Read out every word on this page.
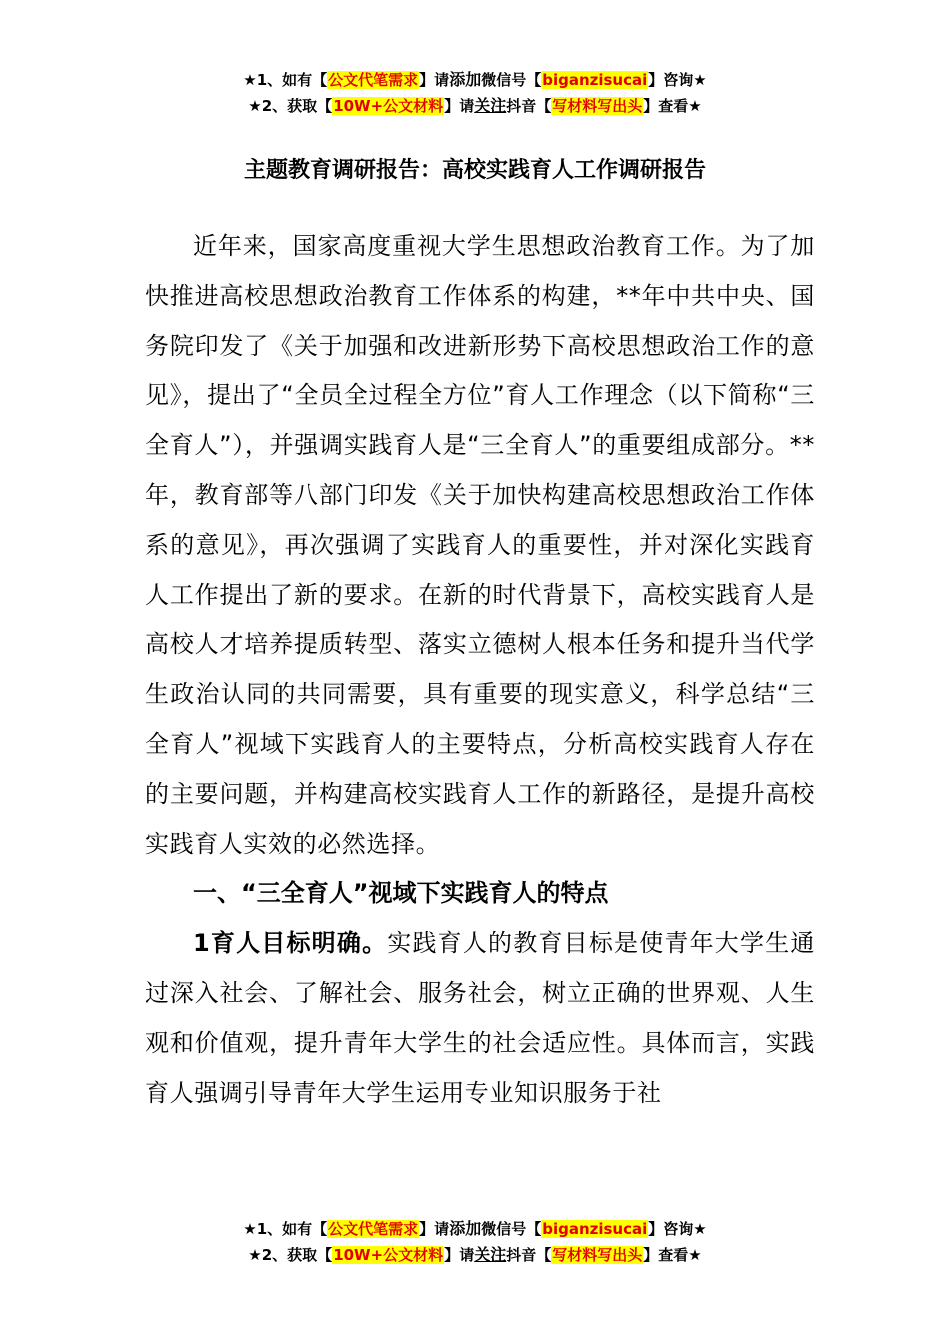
★1、如有【公文代笔需求】请添加微信号【biganzisucai】咨询★
★2、获取【10W+公文材料】请关注抖音【写材料写出头】查看★
主题教育调研报告：高校实践育人工作调研报告

近年来，国家高度重视大学生思想政治教育工作。为了加快推进高校思想政治教育工作体系的构建，**年中共中央、国务院印发了《关于加强和改进新形势下高校思想政治工作的意见》，提出了“全员全过程全方位”育人工作理念（以下简称“三全育人”），并强调实践育人是“三全育人”的重要组成部分。**年，教育部等八部门印发《关于加快构建高校思想政治工作体系的意见》，再次强调了实践育人的重要性，并对深化实践育人工作提出了新的要求。在新的时代背景下，高校实践育人是高校人才培养提质转型、落实立德树人根本任务和提升当代学生政治认同的共同需要，具有重要的现实意义，科学总结“三全育人”视域下实践育人的主要特点，分析高校实践育人存在的主要问题，并构建高校实践育人工作的新路径，是提升高校实践育人实效的必然选择。

一、“三全育人”视域下实践育人的特点

1育人目标明确。实践育人的教育目标是使青年大学生通过深入社会、了解社会、服务社会，树立正确的世界观、人生观和价值观，提升青年大学生的社会适应性。具体而言，实践育人强调引导青年大学生运用专业知识服务于社

★1、如有【公文代笔需求】请添加微信号【biganzisucai】咨询★
★2、获取【10W+公文材料】请关注抖音【写材料写出头】查看★
